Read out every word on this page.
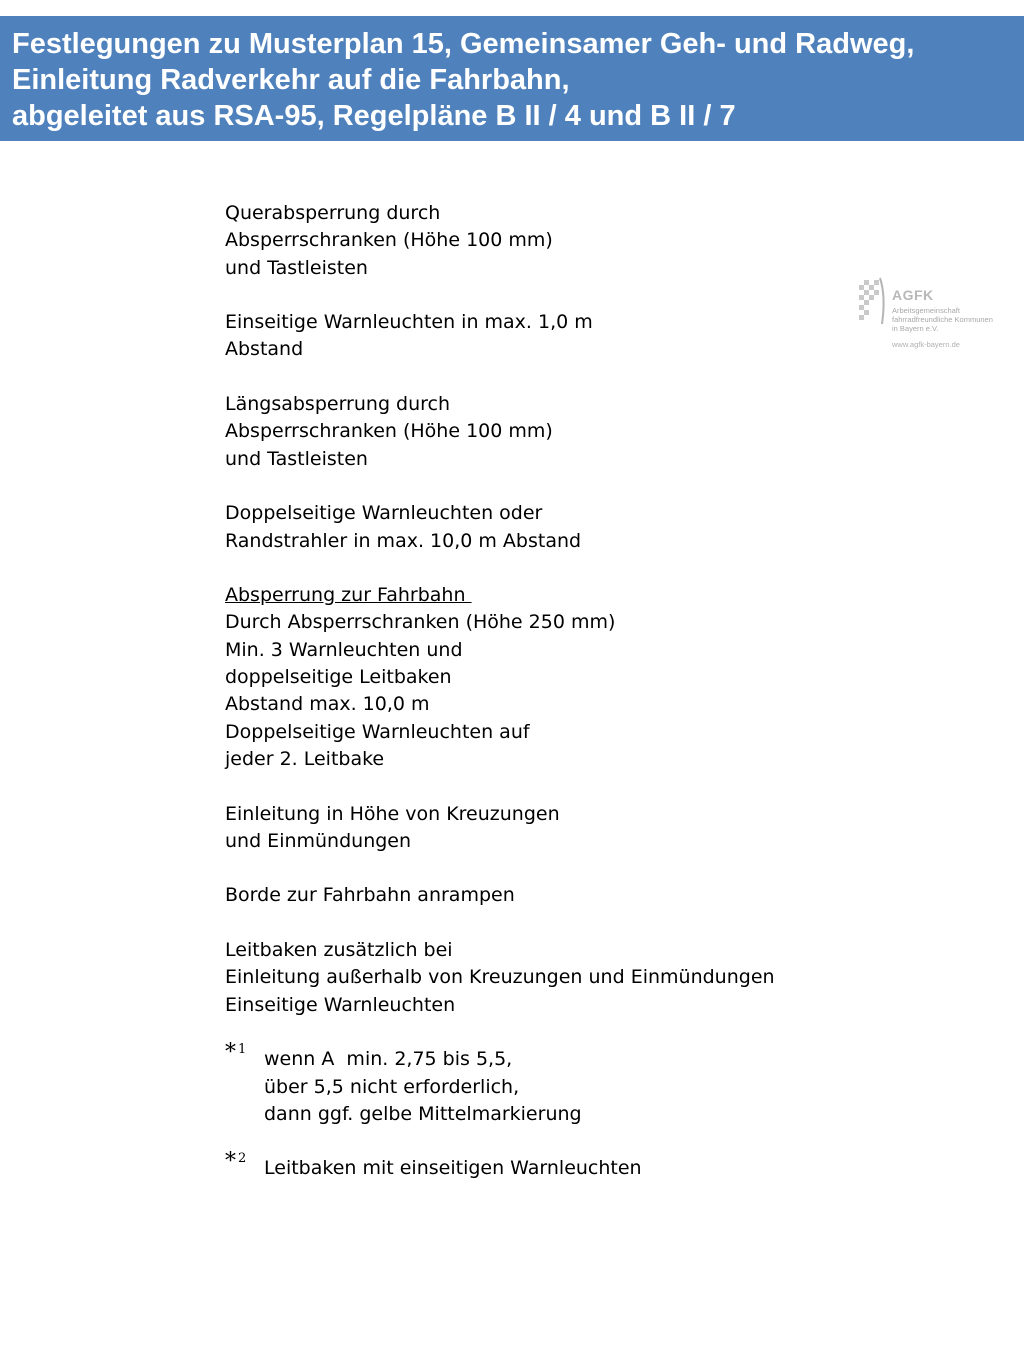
Festlegungen zu Musterplan 15, Gemeinsamer Geh- und Radweg,
Einleitung Radverkehr auf die Fahrbahn,
abgeleitet aus RSA-95, Regelpläne B II / 4 und B II / 7
AGFK
Arbeitsgemeinschaft
fahrradfreundliche Kommunen
in Bayern e.V.
www.agfk-bayern.de
Querabsperrung durch
Absperrschranken (Höhe 100 mm)
und Tastleisten
Einseitige Warnleuchten in max. 1,0 m
Abstand
Längsabsperrung durch
Absperrschranken (Höhe 100 mm)
und Tastleisten
Doppelseitige Warnleuchten oder
Randstrahler in max. 10,0 m Abstand
Absperrung zur Fahrbahn
Durch Absperrschranken (Höhe 250 mm)
Min. 3 Warnleuchten und
doppelseitige Leitbaken
Abstand max. 10,0 m
Doppelseitige Warnleuchten auf
jeder 2. Leitbake
Einleitung in Höhe von Kreuzungen
und Einmündungen
Borde zur Fahrbahn anrampen
Leitbaken zusätzlich bei
Einleitung außerhalb von Kreuzungen und Einmündungen
Einseitige Warnleuchten
* $^1$ wenn A  min. 2,75 bis 5,5,
über 5,5 nicht erforderlich,
dann ggf. gelbe Mittelmarkierung
* $^2$ Leitbaken mit einseitigen Warnleuchten
